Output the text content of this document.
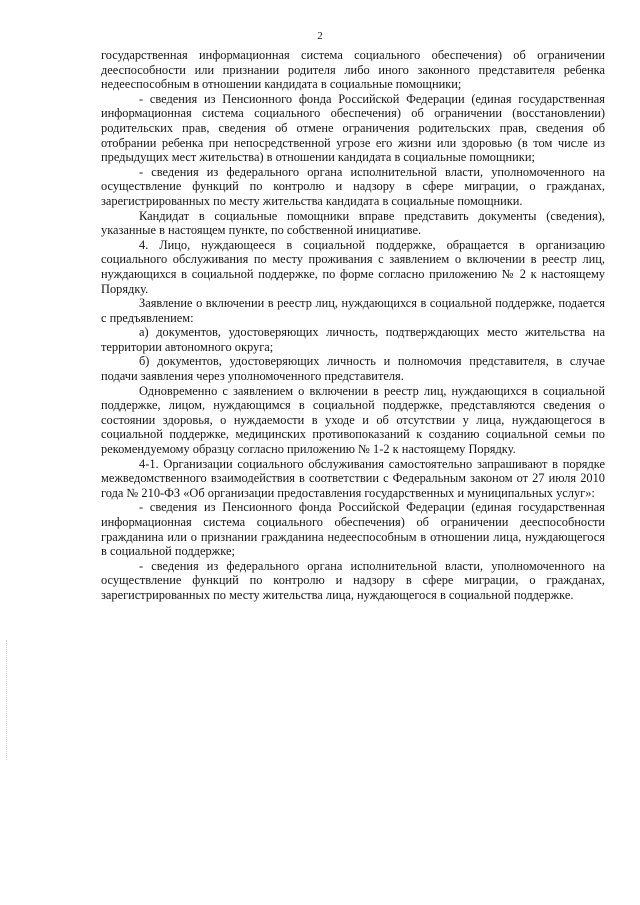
2

государственная информационная система социального обеспечения) об ограничении дееспособности или признании родителя либо иного законного представителя ребенка недееспособным в отношении кандидата в социальные помощники;

- сведения из Пенсионного фонда Российской Федерации (единая государственная информационная система социального обеспечения) об ограничении (восстановлении) родительских прав, сведения об отмене ограничения родительских прав, сведения об отобрании ребенка при непосредственной угрозе его жизни или здоровью (в том числе из предыдущих мест жительства) в отношении кандидата в социальные помощники;

- сведения из федерального органа исполнительной власти, уполномоченного на осуществление функций по контролю и надзору в сфере миграции, о гражданах, зарегистрированных по месту жительства кандидата в социальные помощники.

Кандидат в социальные помощники вправе представить документы (сведения), указанные в настоящем пункте, по собственной инициативе.

4. Лицо, нуждающееся в социальной поддержке, обращается в организацию социального обслуживания по месту проживания с заявлением о включении в реестр лиц, нуждающихся в социальной поддержке, по форме согласно приложению № 2 к настоящему Порядку.

Заявление о включении в реестр лиц, нуждающихся в социальной поддержке, подается с предъявлением:

а) документов, удостоверяющих личность, подтверждающих место жительства на территории автономного округа;

б) документов, удостоверяющих личность и полномочия представителя, в случае подачи заявления через уполномоченного представителя.

Одновременно с заявлением о включении в реестр лиц, нуждающихся в социальной поддержке, лицом, нуждающимся в социальной поддержке, представляются сведения о состоянии здоровья, о нуждаемости в уходе и об отсутствии у лица, нуждающегося в социальной поддержке, медицинских противопоказаний к созданию социальной семьи по рекомендуемому образцу согласно приложению № 1-2 к настоящему Порядку.

4-1. Организации социального обслуживания самостоятельно запрашивают в порядке межведомственного взаимодействия в соответствии с Федеральным законом от 27 июля 2010 года № 210-ФЗ «Об организации предоставления государственных и муниципальных услуг»:

- сведения из Пенсионного фонда Российской Федерации (единая государственная информационная система социального обеспечения) об ограничении дееспособности гражданина или о признании гражданина недееспособным в отношении лица, нуждающегося в социальной поддержке;

- сведения из федерального органа исполнительной власти, уполномоченного на осуществление функций по контролю и надзору в сфере миграции, о гражданах, зарегистрированных по месту жительства лица, нуждающегося в социальной поддержке.
